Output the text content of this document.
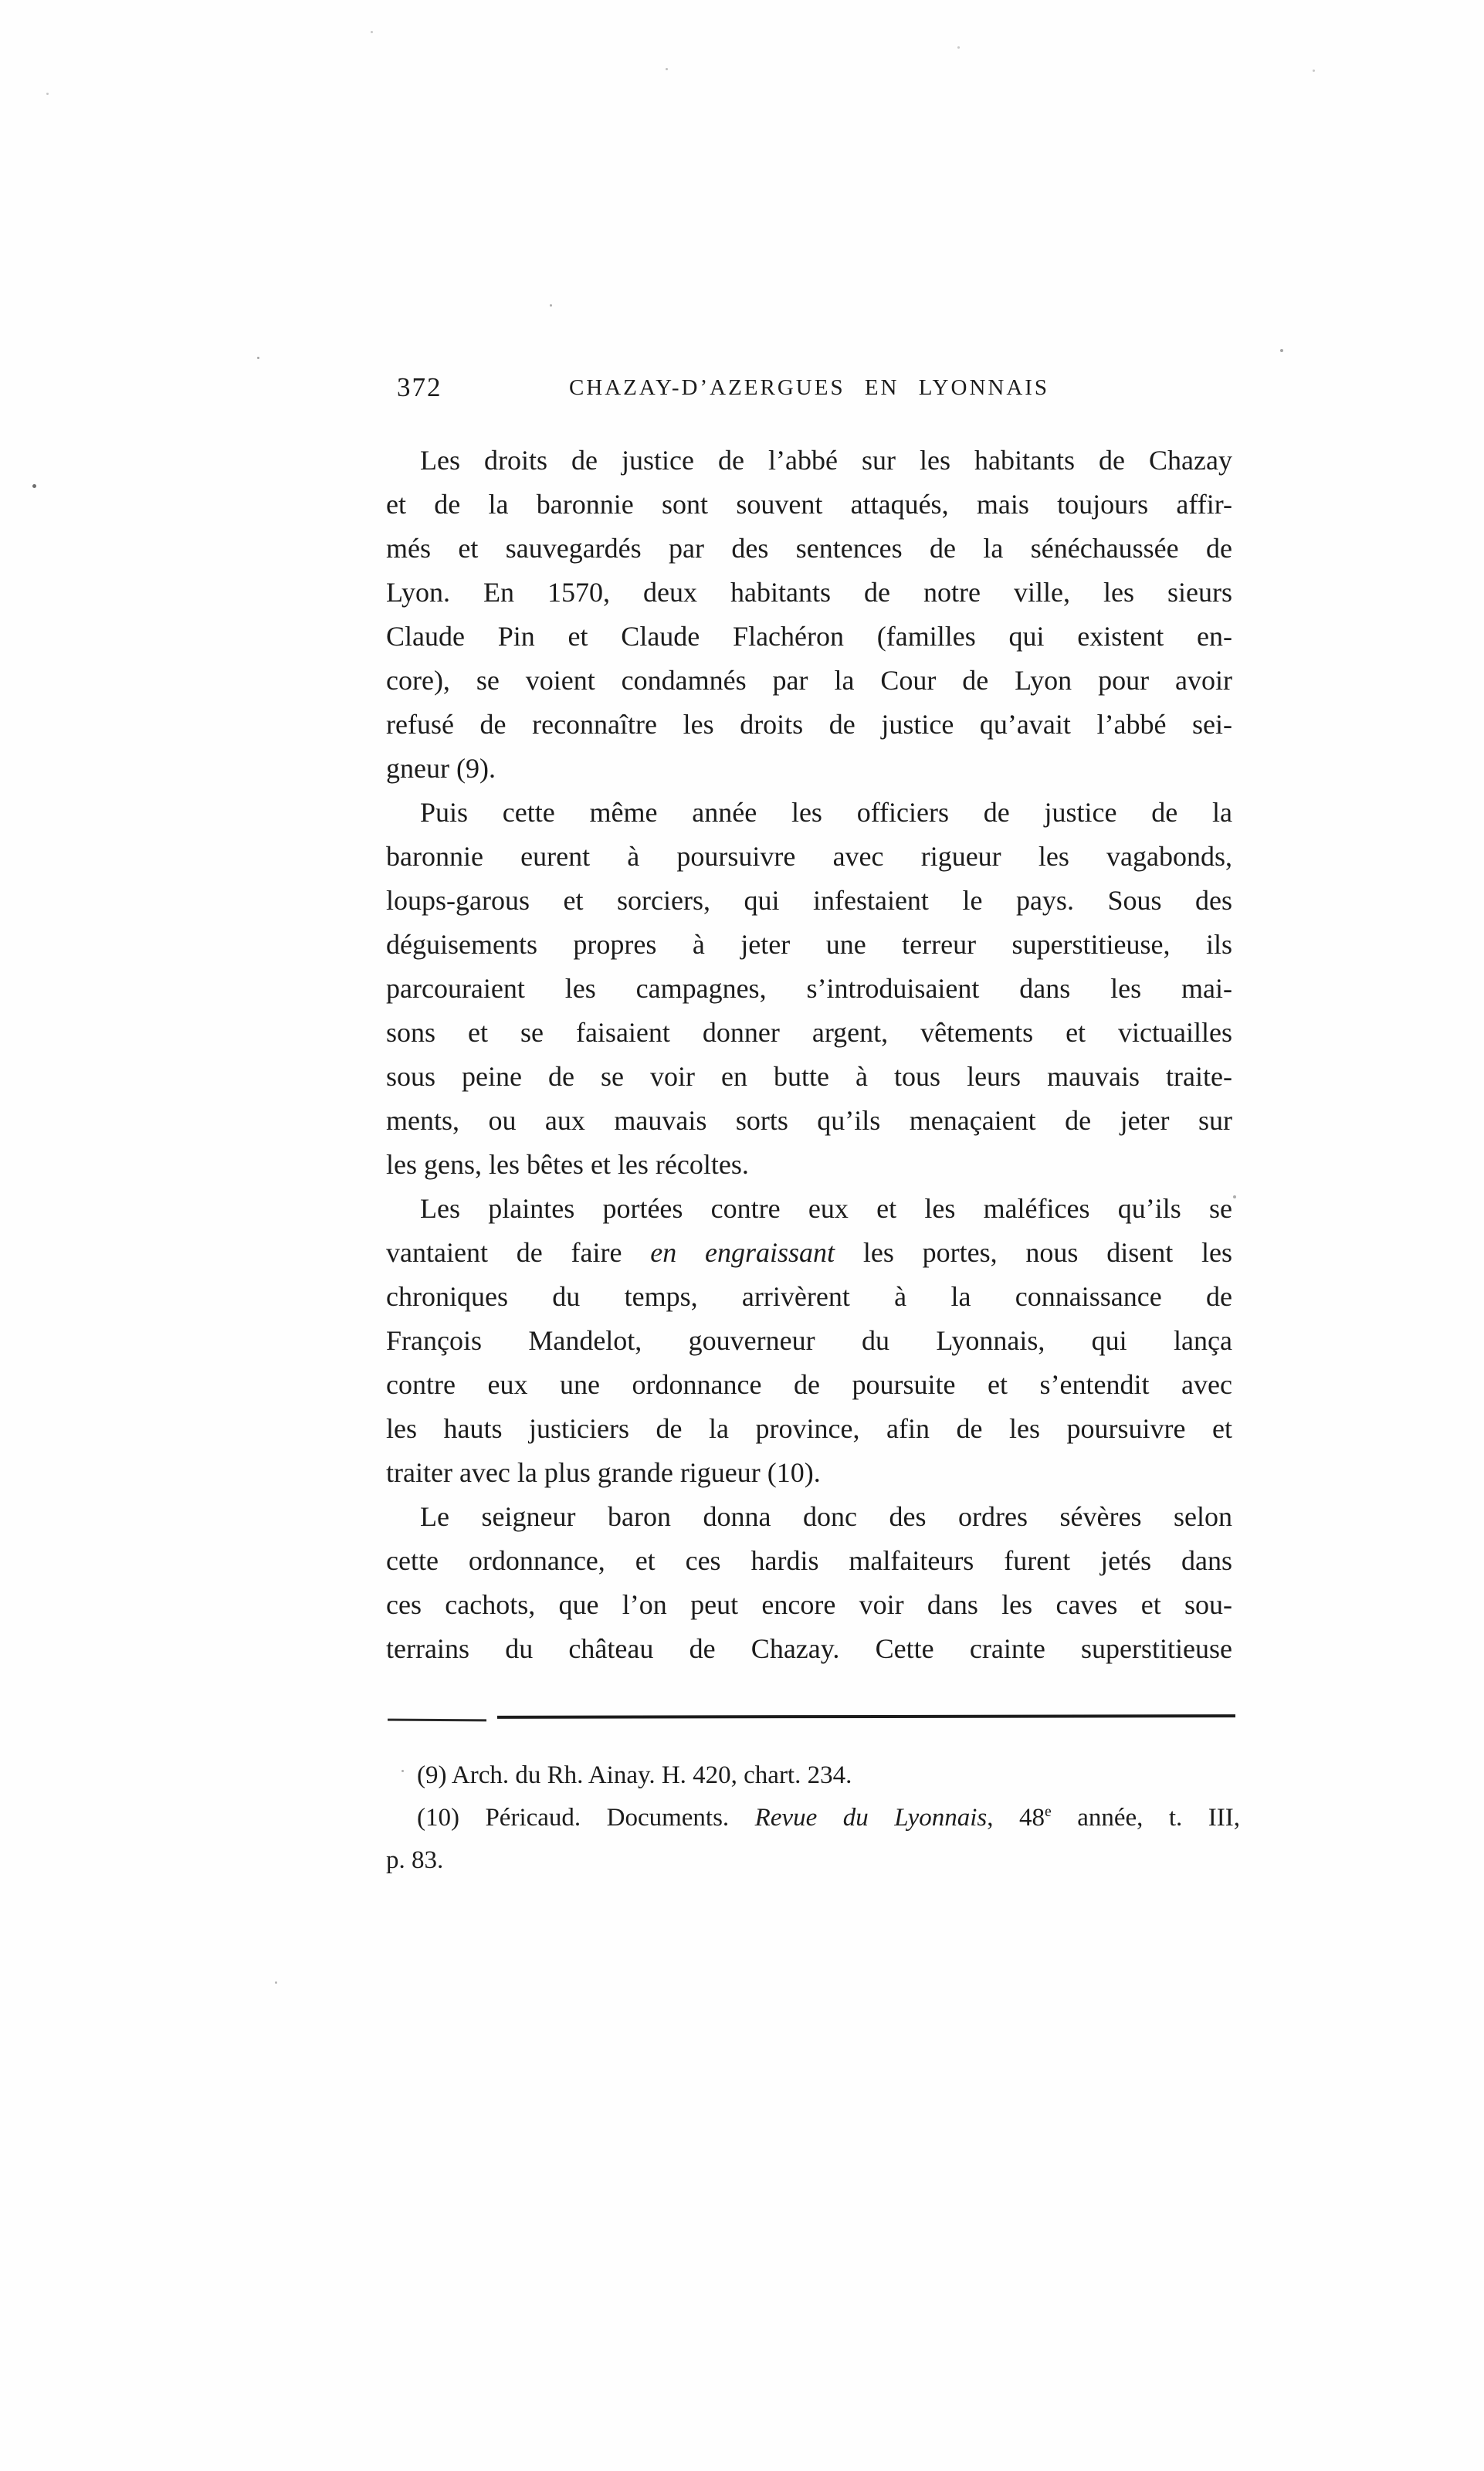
372	CHAZAY-D’AZERGUES EN LYONNAIS
Les droits de justice de l’abbé sur les habitants de Chazay
et de la baronnie sont souvent attaqués, mais toujours affir-
més et sauvegardés par des sentences de la sénéchaussée de
Lyon. En 1570, deux habitants de notre ville, les sieurs
Claude Pin et Claude Flachéron (familles qui existent en-
core), se voient condamnés par la Cour de Lyon pour avoir
refusé de reconnaître les droits de justice qu’avait l’abbé sei-
gneur (9).
Puis cette même année les officiers de justice de la
baronnie eurent à poursuivre avec rigueur les vagabonds,
loups-garous et sorciers, qui infestaient le pays. Sous des
déguisements propres à jeter une terreur superstitieuse, ils
parcouraient les campagnes, s’introduisaient dans les mai-
sons et se faisaient donner argent, vêtements et victuailles
sous peine de se voir en butte à tous leurs mauvais traite-
ments, ou aux mauvais sorts qu’ils menaçaient de jeter sur
les gens, les bêtes et les récoltes.
Les plaintes portées contre eux et les maléfices qu’ils se
vantaient de faire en engraissant les portes, nous disent les
chroniques du temps, arrivèrent à la connaissance de
François Mandelot, gouverneur du Lyonnais, qui lança
contre eux une ordonnance de poursuite et s’entendit avec
les hauts justiciers de la province, afin de les poursuivre et
traiter avec la plus grande rigueur (10).
Le seigneur baron donna donc des ordres sévères selon
cette ordonnance, et ces hardis malfaiteurs furent jetés dans
ces cachots, que l’on peut encore voir dans les caves et sou-
terrains du château de Chazay. Cette crainte superstitieuse
(9) Arch. du Rh. Ainay. H. 420, chart. 234.
(10) Péricaud. Documents. Revue du Lyonnais, 48e année, t. III,
p. 83.
